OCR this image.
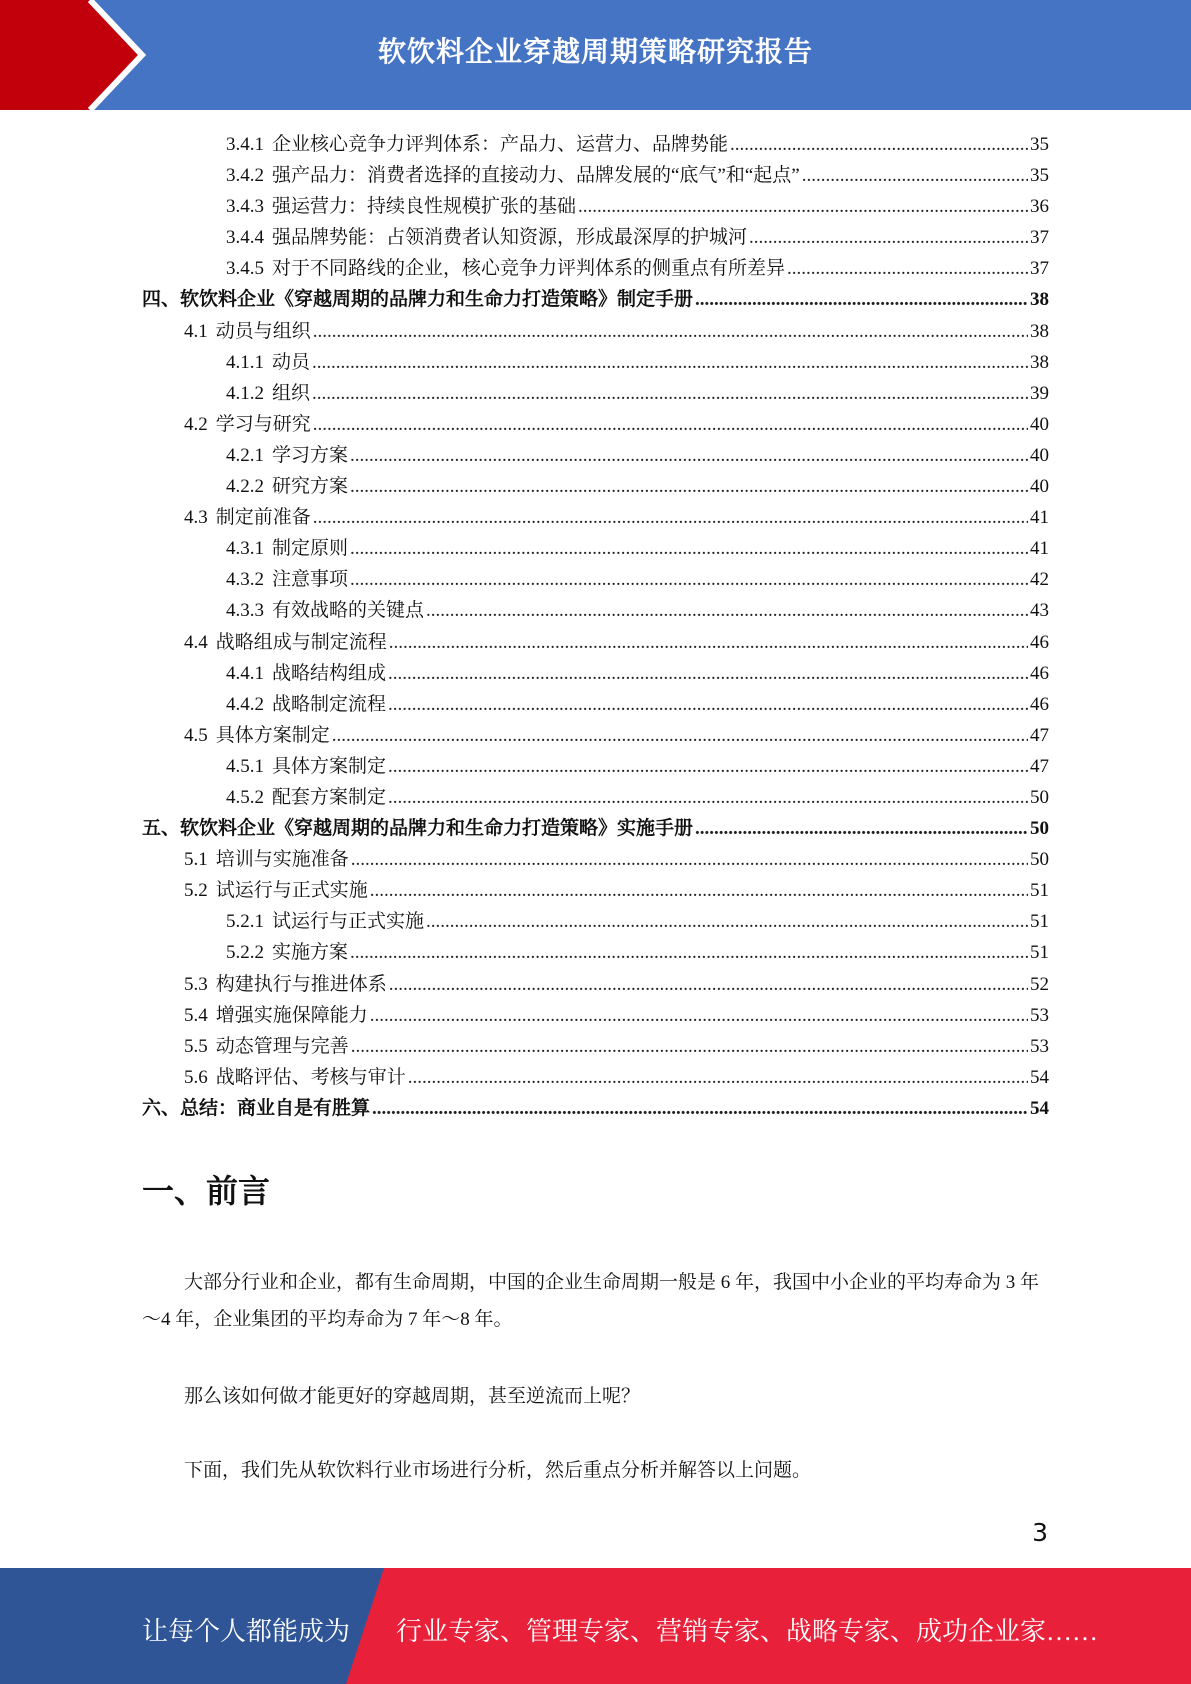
软饮料企业穿越周期策略研究报告
3.4.1 企业核心竞争力评判体系：产品力、运营力、品牌势能 .....	35
3.4.2 强产品力：消费者选择的直接动力、品牌发展的“底气”和“起点” .....	35
3.4.3 强运营力：持续良性规模扩张的基础 .....	36
3.4.4 强品牌势能：占领消费者认知资源，形成最深厚的护城河 .....	37
3.4.5 对于不同路线的企业，核心竞争力评判体系的侧重点有所差异 .....	37
四、软饮料企业《穿越周期的品牌力和生命力打造策略》制定手册 .....	38
4.1 动员与组织 .....	38
4.1.1 动员 .....	38
4.1.2 组织 .....	39
4.2 学习与研究 .....	40
4.2.1 学习方案 .....	40
4.2.2 研究方案 .....	40
4.3 制定前准备 .....	41
4.3.1 制定原则 .....	41
4.3.2 注意事项 .....	42
4.3.3 有效战略的关键点 .....	43
4.4 战略组成与制定流程 .....	46
4.4.1 战略结构组成 .....	46
4.4.2 战略制定流程 .....	46
4.5 具体方案制定 .....	47
4.5.1 具体方案制定 .....	47
4.5.2 配套方案制定 .....	50
五、软饮料企业《穿越周期的品牌力和生命力打造策略》实施手册 .....	50
5.1 培训与实施准备 .....	50
5.2 试运行与正式实施 .....	51
5.2.1 试运行与正式实施 .....	51
5.2.2 实施方案 .....	51
5.3 构建执行与推进体系 .....	52
5.4 增强实施保障能力 .....	53
5.5 动态管理与完善 .....	53
5.6 战略评估、考核与审计 .....	54
六、总结：商业自是有胜算 .....	54
一、前言

大部分行业和企业，都有生命周期，中国的企业生命周期一般是 6 年，我国中小企业的平均寿命为 3 年～4 年，企业集团的平均寿命为 7 年～8 年。

那么该如何做才能更好的穿越周期，甚至逆流而上呢？

下面，我们先从软饮料行业市场进行分析，然后重点分析并解答以上问题。

3
让每个人都能成为 行业专家、管理专家、营销专家、战略专家、成功企业家……
